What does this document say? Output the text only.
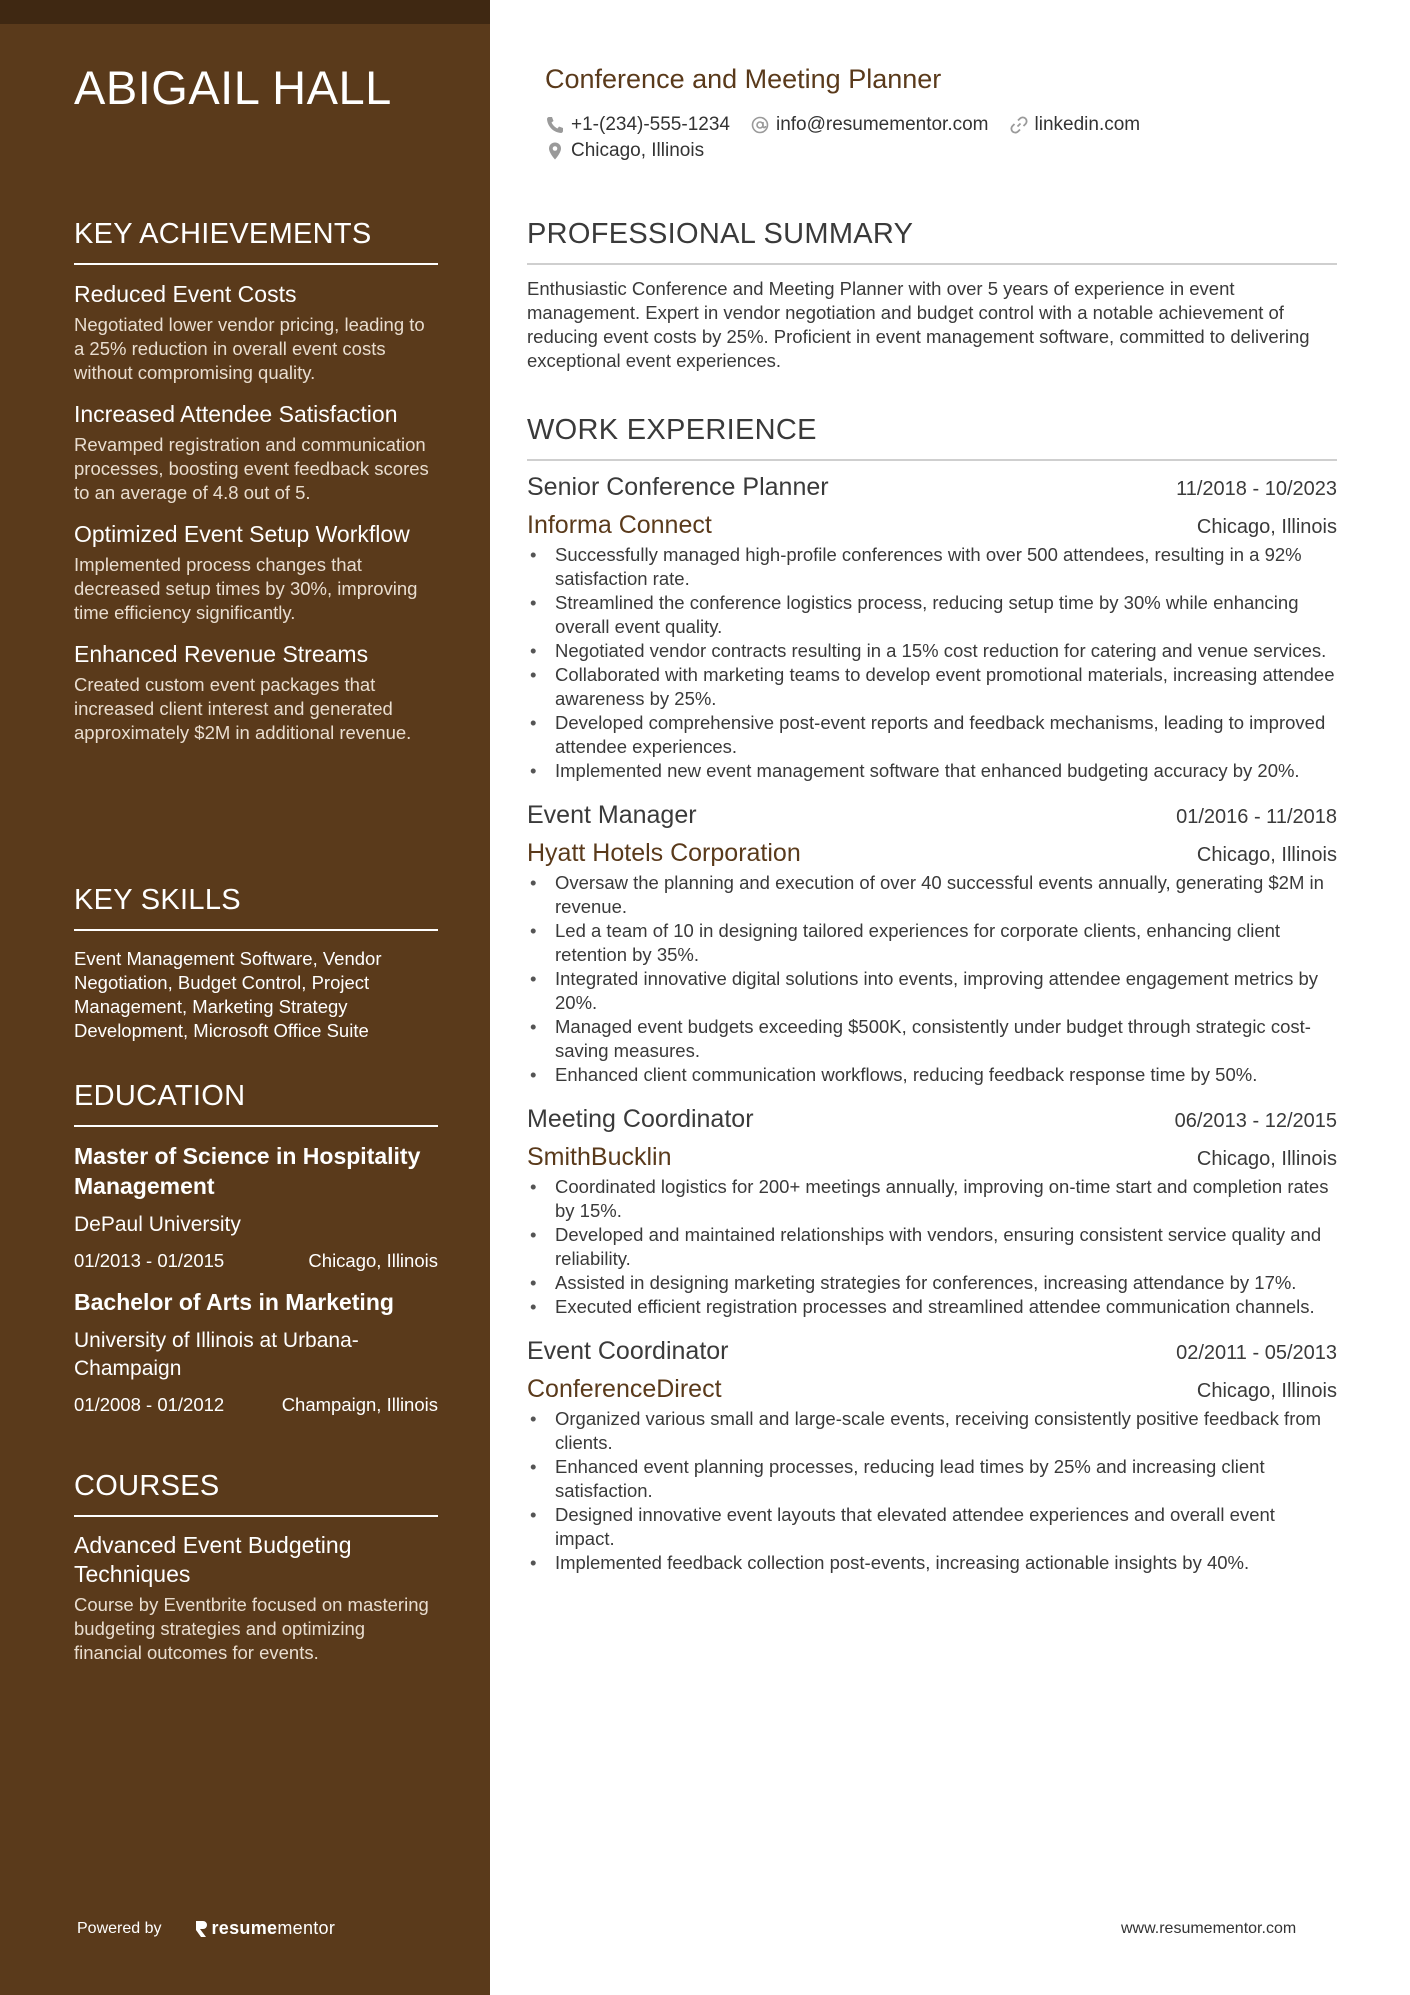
ABIGAIL HALL
KEY ACHIEVEMENTS
Reduced Event Costs
Negotiated lower vendor pricing, leading to a 25% reduction in overall event costs without compromising quality.
Increased Attendee Satisfaction
Revamped registration and communication processes, boosting event feedback scores to an average of 4.8 out of 5.
Optimized Event Setup Workflow
Implemented process changes that decreased setup times by 30%, improving time efficiency significantly.
Enhanced Revenue Streams
Created custom event packages that increased client interest and generated approximately $2M in additional revenue.
KEY SKILLS
Event Management Software, Vendor Negotiation, Budget Control, Project Management, Marketing Strategy Development, Microsoft Office Suite
EDUCATION
Master of Science in Hospitality Management
DePaul University
01/2013 - 01/2015	Chicago, Illinois
Bachelor of Arts in Marketing
University of Illinois at Urbana-Champaign
01/2008 - 01/2012	Champaign, Illinois
COURSES
Advanced Event Budgeting Techniques
Course by Eventbrite focused on mastering budgeting strategies and optimizing financial outcomes for events.
Powered by	resume mentor
Conference and Meeting Planner
+1-(234)-555-1234 info@resumementor.com linkedin.com
Chicago, Illinois
PROFESSIONAL SUMMARY
Enthusiastic Conference and Meeting Planner with over 5 years of experience in event management. Expert in vendor negotiation and budget control with a notable achievement of reducing event costs by 25%. Proficient in event management software, committed to delivering exceptional event experiences.
WORK EXPERIENCE
Senior Conference Planner	11/2018 - 10/2023
Informa Connect	Chicago, Illinois
• Successfully managed high-profile conferences with over 500 attendees, resulting in a 92% satisfaction rate.
• Streamlined the conference logistics process, reducing setup time by 30% while enhancing overall event quality.
• Negotiated vendor contracts resulting in a 15% cost reduction for catering and venue services.
• Collaborated with marketing teams to develop event promotional materials, increasing attendee awareness by 25%.
• Developed comprehensive post-event reports and feedback mechanisms, leading to improved attendee experiences.
• Implemented new event management software that enhanced budgeting accuracy by 20%.
Event Manager	01/2016 - 11/2018
Hyatt Hotels Corporation	Chicago, Illinois
• Oversaw the planning and execution of over 40 successful events annually, generating $2M in revenue.
• Led a team of 10 in designing tailored experiences for corporate clients, enhancing client retention by 35%.
• Integrated innovative digital solutions into events, improving attendee engagement metrics by 20%.
• Managed event budgets exceeding $500K, consistently under budget through strategic cost-saving measures.
• Enhanced client communication workflows, reducing feedback response time by 50%.
Meeting Coordinator	06/2013 - 12/2015
SmithBucklin	Chicago, Illinois
• Coordinated logistics for 200+ meetings annually, improving on-time start and completion rates by 15%.
• Developed and maintained relationships with vendors, ensuring consistent service quality and reliability.
• Assisted in designing marketing strategies for conferences, increasing attendance by 17%.
• Executed efficient registration processes and streamlined attendee communication channels.
Event Coordinator	02/2011 - 05/2013
ConferenceDirect	Chicago, Illinois
• Organized various small and large-scale events, receiving consistently positive feedback from clients.
• Enhanced event planning processes, reducing lead times by 25% and increasing client satisfaction.
• Designed innovative event layouts that elevated attendee experiences and overall event impact.
• Implemented feedback collection post-events, increasing actionable insights by 40%.
www.resumementor.com
